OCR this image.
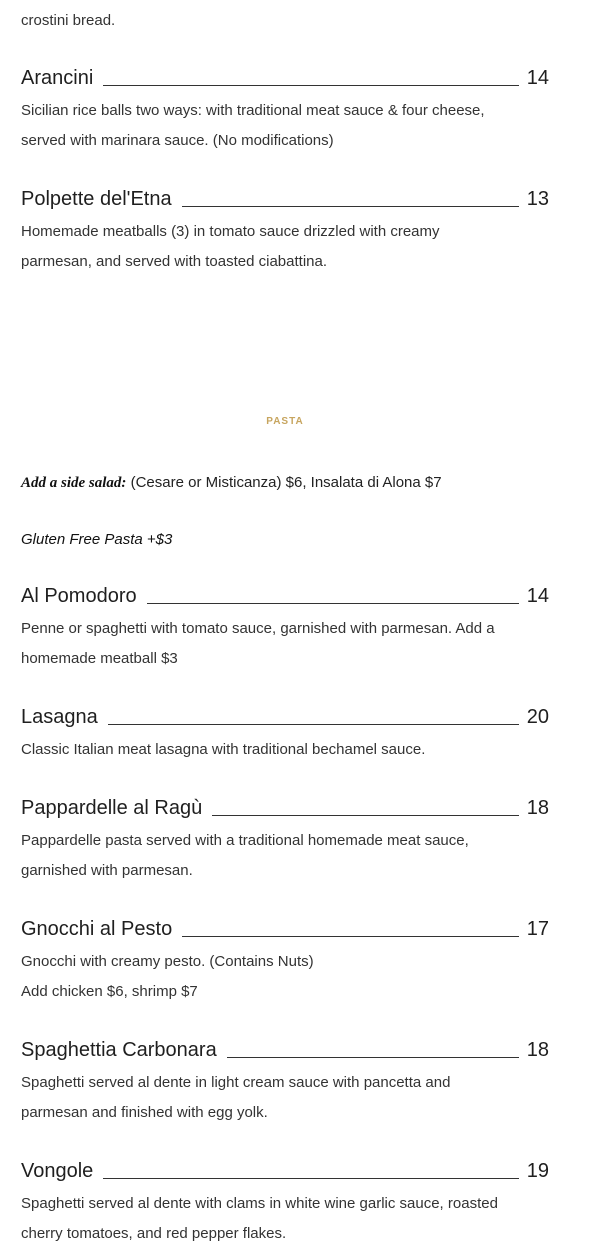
crostini bread.

Arancini	14
Sicilian rice balls two ways: with traditional meat sauce & four cheese,
served with marinara sauce. (No modifications)
Polpette del'Etna	13
Homemade meatballs (3) in tomato sauce drizzled with creamy
parmesan, and served with toasted ciabattina.
PASTA
Add a side salad: (Cesare or Misticanza) $6, Insalata di Alona $7
Gluten Free Pasta +$3
Al Pomodoro	14
Penne or spaghetti with tomato sauce, garnished with parmesan. Add a
homemade meatball $3
Lasagna	20
Classic Italian meat lasagna with traditional bechamel sauce.
Pappardelle al Ragù	18
Pappardelle pasta served with a traditional homemade meat sauce,
garnished with parmesan.
Gnocchi al Pesto	17
Gnocchi with creamy pesto. (Contains Nuts)
Add chicken $6, shrimp $7
Spaghettia Carbonara	18
Spaghetti served al dente in light cream sauce with pancetta and
parmesan and finished with egg yolk.
Vongole	19
Spaghetti served al dente with clams in white wine garlic sauce, roasted
cherry tomatoes, and red pepper flakes.
